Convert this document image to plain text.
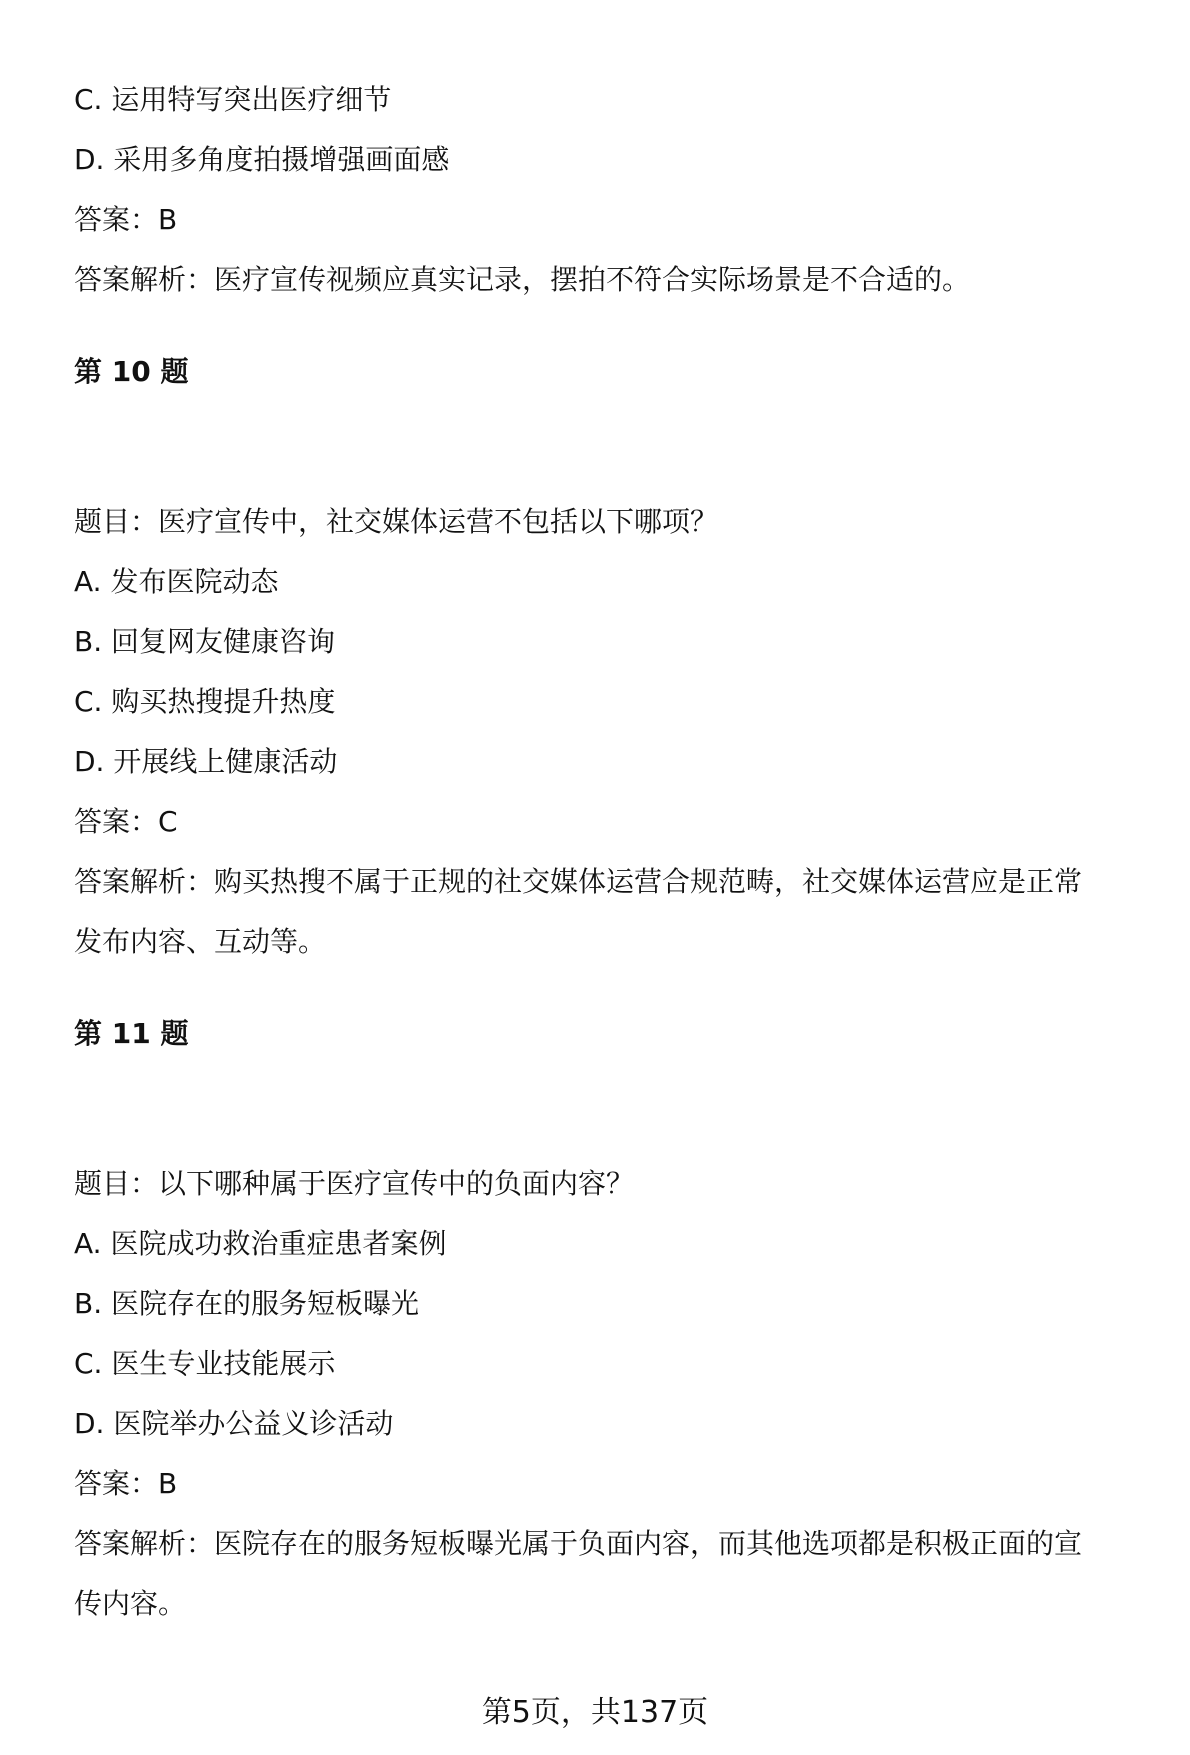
C. 运用特写突出医疗细节
D. 采用多角度拍摄增强画面感
答案：B
答案解析：医疗宣传视频应真实记录，摆拍不符合实际场景是不合适的。
第 10 题
题目：医疗宣传中，社交媒体运营不包括以下哪项？
A. 发布医院动态
B. 回复网友健康咨询
C. 购买热搜提升热度
D. 开展线上健康活动
答案：C
答案解析：购买热搜不属于正规的社交媒体运营合规范畴，社交媒体运营应是正常
发布内容、互动等。
第 11 题
题目：以下哪种属于医疗宣传中的负面内容？
A. 医院成功救治重症患者案例
B. 医院存在的服务短板曝光
C. 医生专业技能展示
D. 医院举办公益义诊活动
答案：B
答案解析：医院存在的服务短板曝光属于负面内容，而其他选项都是积极正面的宣
传内容。
第5页，共137页
